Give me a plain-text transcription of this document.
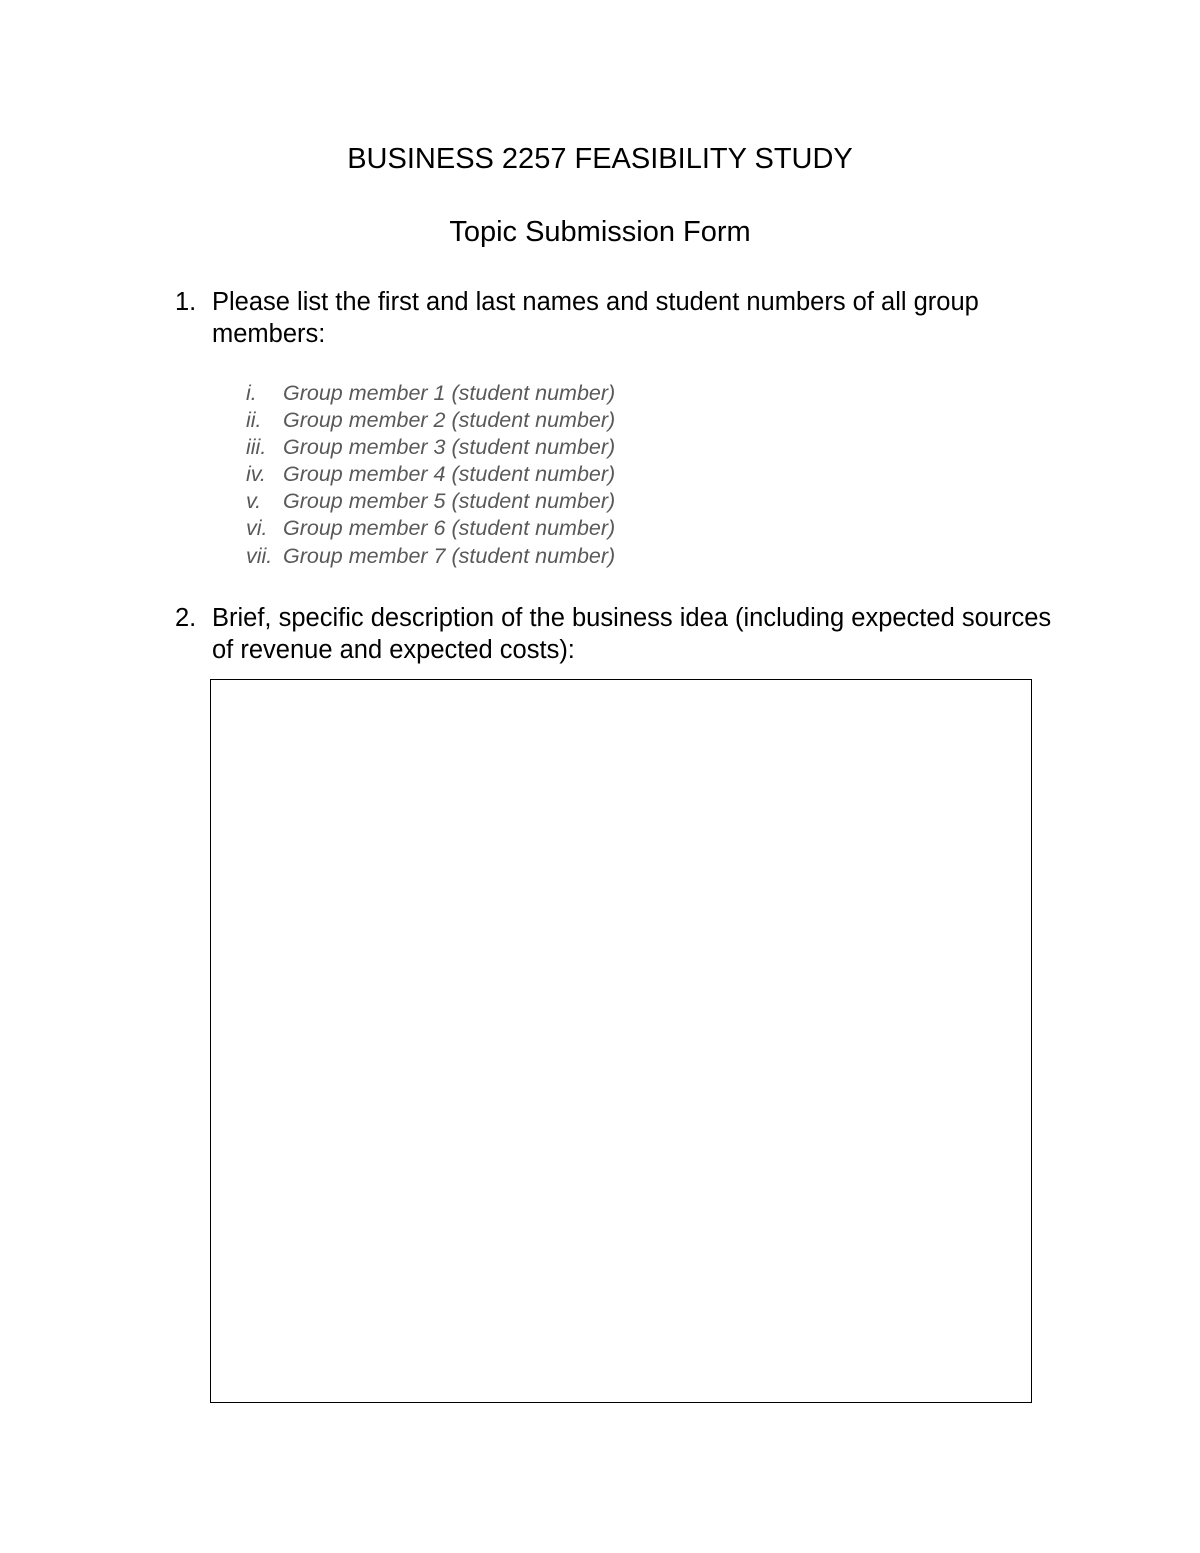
BUSINESS 2257 FEASIBILITY STUDY
Topic Submission Form
1. Please list the first and last names and student numbers of all group members:
i.	Group member 1 (student number)
ii. Group member 2 (student number)
iii. Group member 3 (student number)
iv. Group member 4 (student number)
v.	Group member 5 (student number)
vi. Group member 6 (student number)
vii. Group member 7 (student number)
2. Brief, specific description of the business idea (including expected sources of revenue and expected costs):
